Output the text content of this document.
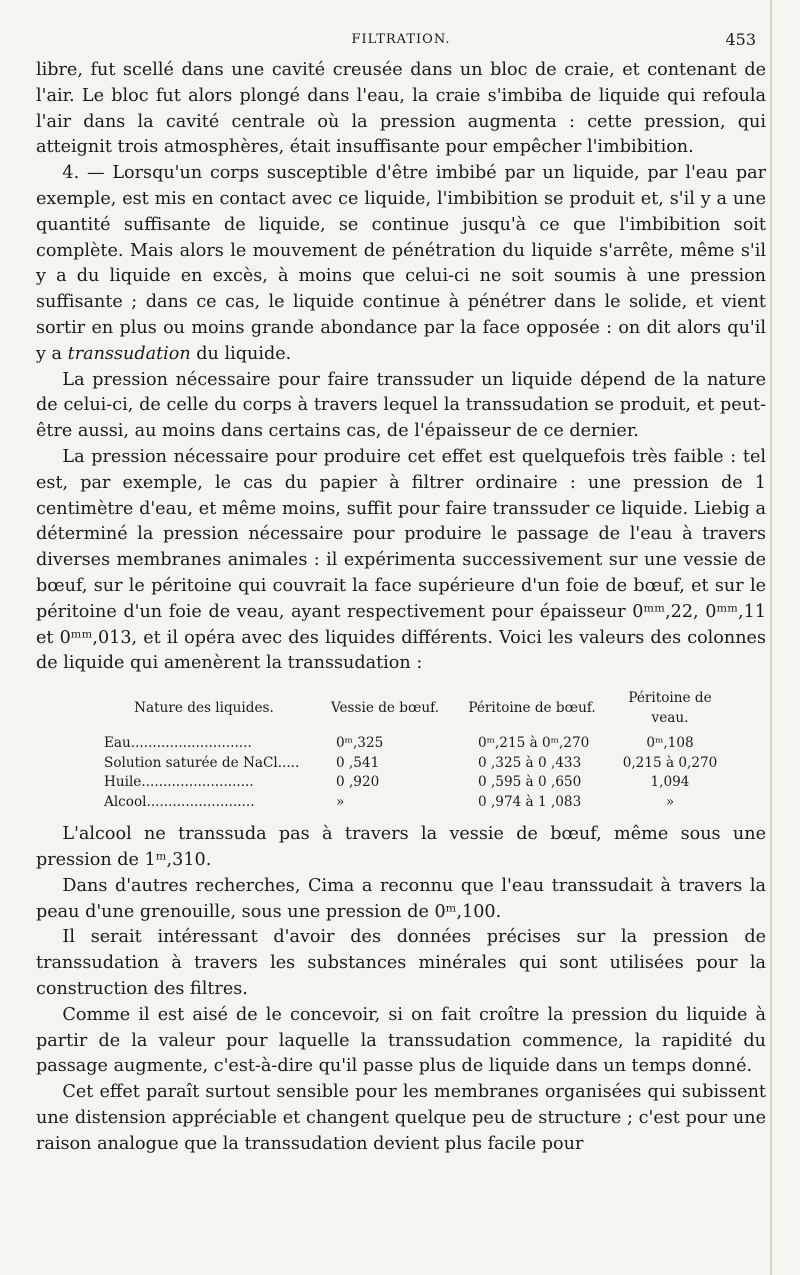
FILTRATION.	453

libre, fut scellé dans une cavité creusée dans un bloc de craie, et contenant de l'air. Le bloc fut alors plongé dans l'eau, la craie s'imbiba de liquide qui refoula l'air dans la cavité centrale où la pression augmenta : cette pression, qui atteignit trois atmosphères, était insuffisante pour empêcher l'imbibition.

4. — Lorsqu'un corps susceptible d'être imbibé par un liquide, par l'eau par exemple, est mis en contact avec ce liquide, l'imbibition se produit et, s'il y a une quantité suffisante de liquide, se continue jusqu'à ce que l'imbibition soit complète. Mais alors le mouvement de pénétration du liquide s'arrête, même s'il y a du liquide en excès, à moins que celui-ci ne soit soumis à une pression suffisante ; dans ce cas, le liquide continue à pénétrer dans le solide, et vient sortir en plus ou moins grande abondance par la face opposée : on dit alors qu'il y a transsudation du liquide.

La pression nécessaire pour faire transsuder un liquide dépend de la nature de celui-ci, de celle du corps à travers lequel la transsudation se produit, et peut-être aussi, au moins dans certains cas, de l'épaisseur de ce dernier.

La pression nécessaire pour produire cet effet est quelquefois très faible : tel est, par exemple, le cas du papier à filtrer ordinaire : une pression de 1 centimètre d'eau, et même moins, suffit pour faire transsuder ce liquide. Liebig a déterminé la pression nécessaire pour produire le passage de l'eau à travers diverses membranes animales : il expérimenta successivement sur une vessie de bœuf, sur le péritoine qui couvrait la face supérieure d'un foie de bœuf, et sur le péritoine d'un foie de veau, ayant respectivement pour épaisseur 0ᵐᵐ,22, 0ᵐᵐ,11 et 0ᵐᵐ,013, et il opéra avec des liquides différents. Voici les valeurs des colonnes de liquide qui amenèrent la transsudation :

Nature des liquides.	Vessie de bœuf.	Péritoine de bœuf.	Péritoine de veau.
Eau............................	0ᵐ,325	0ᵐ,215 à 0ᵐ,270	0ᵐ,108
Solution saturée de NaCl.....	0 ,541	0 ,325 à 0 ,433	0,215 à 0,270
Huile..........................	0 ,920	0 ,595 à 0 ,650	1,094
Alcool.........................	»	0 ,974 à 1 ,083	»

L'alcool ne transsuda pas à travers la vessie de bœuf, même sous une pression de 1ᵐ,310.

Dans d'autres recherches, Cima a reconnu que l'eau transsudait à travers la peau d'une grenouille, sous une pression de 0ᵐ,100.

Il serait intéressant d'avoir des données précises sur la pression de transsudation à travers les substances minérales qui sont utilisées pour la construction des filtres.

Comme il est aisé de le concevoir, si on fait croître la pression du liquide à partir de la valeur pour laquelle la transsudation commence, la rapidité du passage augmente, c'est-à-dire qu'il passe plus de liquide dans un temps donné.

Cet effet paraît surtout sensible pour les membranes organisées qui subissent une distension appréciable et changent quelque peu de structure ; c'est pour une raison analogue que la transsudation devient plus facile pour
